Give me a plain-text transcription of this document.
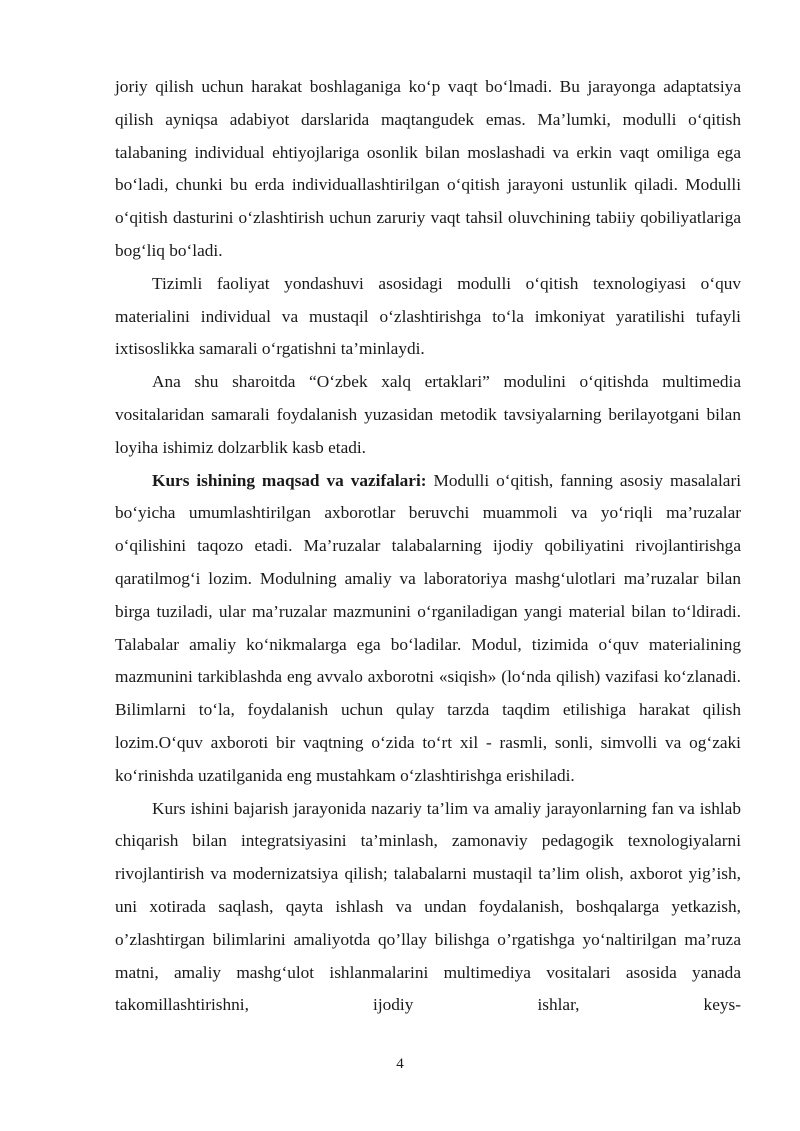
joriy qilish uchun harakat boshlaganiga ko‘p vaqt bo‘lmadi. Bu jarayonga adaptatsiya qilish ayniqsa adabiyot darslarida maqtangudek emas. Ma’lumki, modulli o‘qitish talabaning individual ehtiyojlariga osonlik bilan moslashadi va erkin vaqt omiliga ega bo‘ladi, chunki bu erda individuallashtirilgan o‘qitish jarayoni ustunlik qiladi. Modulli o‘qitish dasturini o‘zlashtirish uchun zaruriy vaqt tahsil oluvchining tabiiy qobiliyatlariga bog‘liq bo‘ladi.

Tizimli faoliyat yondashuvi asosidagi modulli o‘qitish texnologiyasi o‘quv materialini individual va mustaqil o‘zlashtirishga to‘la imkoniyat yaratilishi tufayli ixtisoslikka samarali o‘rgatishni ta’minlaydi.

Ana shu sharoitda “O‘zbek xalq ertaklari” modulini o‘qitishda multimedia vositalaridan samarali foydalanish yuzasidan metodik tavsiyalarning berilayotgani bilan loyiha ishimiz dolzarblik kasb etadi.

Kurs ishining maqsad va vazifalari: Modulli o‘qitish, fanning asosiy masalalari bo‘yicha umumlashtirilgan axborotlar beruvchi muammoli va yo‘riqli ma’ruzalar o‘qilishini taqozo etadi. Ma’ruzalar talabalarning ijodiy qobiliyatini rivojlantirishga qaratilmog‘i lozim. Modulning amaliy va laboratoriya mashg‘ulotlari ma’ruzalar bilan birga tuziladi, ular ma’ruzalar mazmunini o‘rganiladigan yangi material bilan to‘ldiradi. Talabalar amaliy ko‘nikmalarga ega bo‘ladilar. Modul, tizimida o‘quv materialining mazmunini tarkiblashda eng avvalo axborotni «siqish» (lo‘nda qilish) vazifasi ko‘zlanadi. Bilimlarni to‘la, foydalanish uchun qulay tarzda taqdim etilishiga harakat qilish lozim.O‘quv axboroti bir vaqtning o‘zida to‘rt xil - rasmli, sonli, simvolli va og‘zaki ko‘rinishda uzatilganida eng mustahkam o‘zlashtirishga erishiladi.

Kurs ishini bajarish jarayonida nazariy ta’lim va amaliy jarayonlarning fan va ishlab chiqarish bilan integratsiyasini ta’minlash, zamonaviy pedagogik texnologiyalarni rivojlantirish va modernizatsiya qilish; talabalarni mustaqil ta’lim olish, axborot yig’ish, uni xotirada saqlash, qayta ishlash va undan foydalanish, boshqalarga yetkazish, o’zlashtirgan bilimlarini amaliyotda qo’llay bilishga o’rgatishga yo‘naltirilgan ma’ruza matni, amaliy mashg‘ulot ishlanmalarini multimediya vositalari asosida yanada takomillashtirishni, ijodiy ishlar, keys-

4
